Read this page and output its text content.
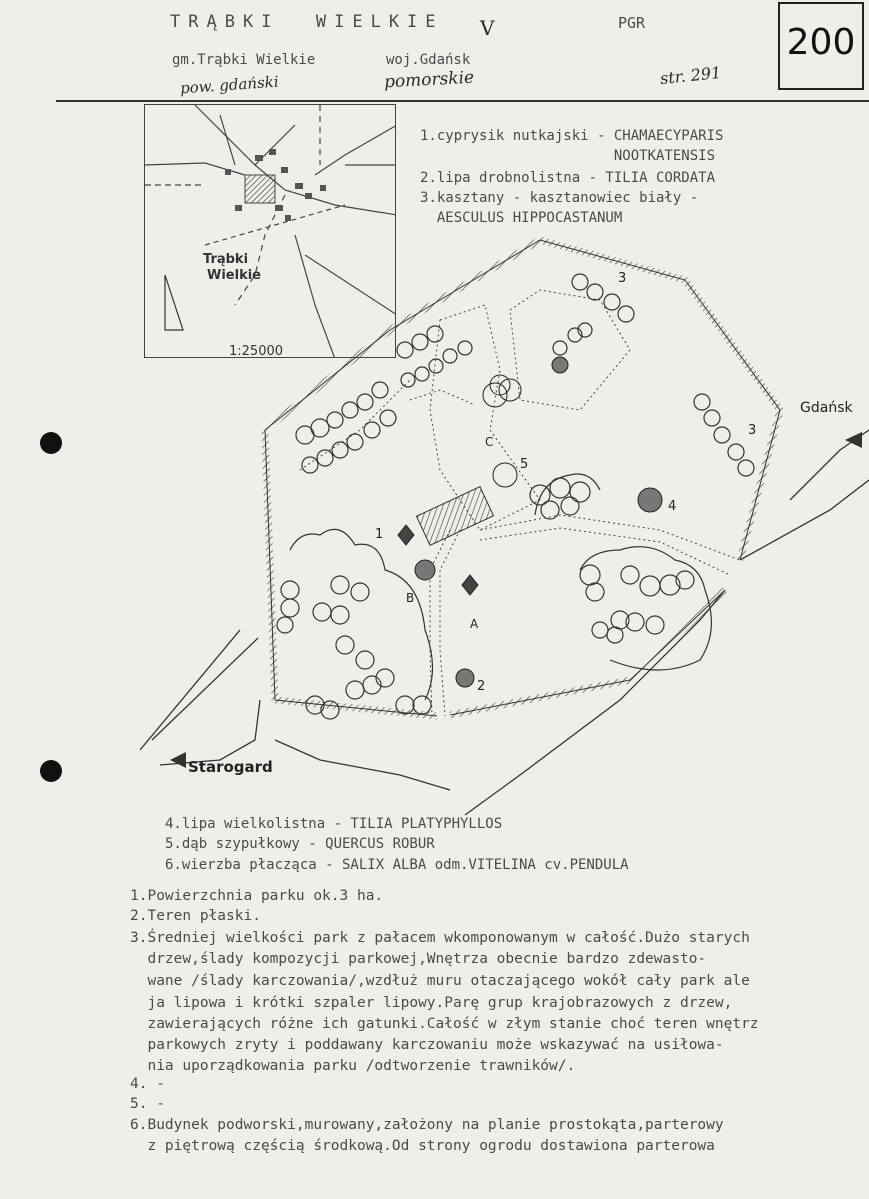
TRĄBKI  WIELKIE V	PGR	200
gm.Trąbki Wielkie	woj.Gdańsk
pow. gdański	pomorskie	str. 291
1.cyprysik nutkajski - CHAMAECYPARIS
NOOTKATENSIS
2.lipa drobnolistna - TILIA CORDATA
3.kasztany - kasztanowiec biały -
AESCULUS HIPPOCASTANUM
Trąbki
Wielkie
1:25000
Gdańsk
Starogard
1
2
3
3
4
5
A
B
C
4.lipa wielkolistna - TILIA PLATYPHYLLOS
5.dąb szypułkowy - QUERCUS ROBUR
6.wierzba płacząca - SALIX ALBA odm.VITELINA cv.PENDULA
1.Powierzchnia parku ok.3 ha.
2.Teren płaski.
3.Średniej wielkości park z pałacem wkomponowanym w całość.Dużo starych
drzew,ślady kompozycji parkowej,Wnętrza obecnie bardzo zdewasto-
wane /ślady karczowania/,wzdłuż muru otaczającego wokół cały park ale
ja lipowa i krótki szpaler lipowy.Parę grup krajobrazowych z drzew,
zawierających różne ich gatunki.Całość w złym stanie choć teren wnętrz
parkowych zryty i poddawany karczowaniu może wskazywać na usiłowa-
nia uporządkowania parku /odtworzenie trawników/.
4. -
5. -
6.Budynek podworski,murowany,założony na planie prostokąta,parterowy
z piętrową częścią środkową.Od strony ogrodu dostawiona parterowa
